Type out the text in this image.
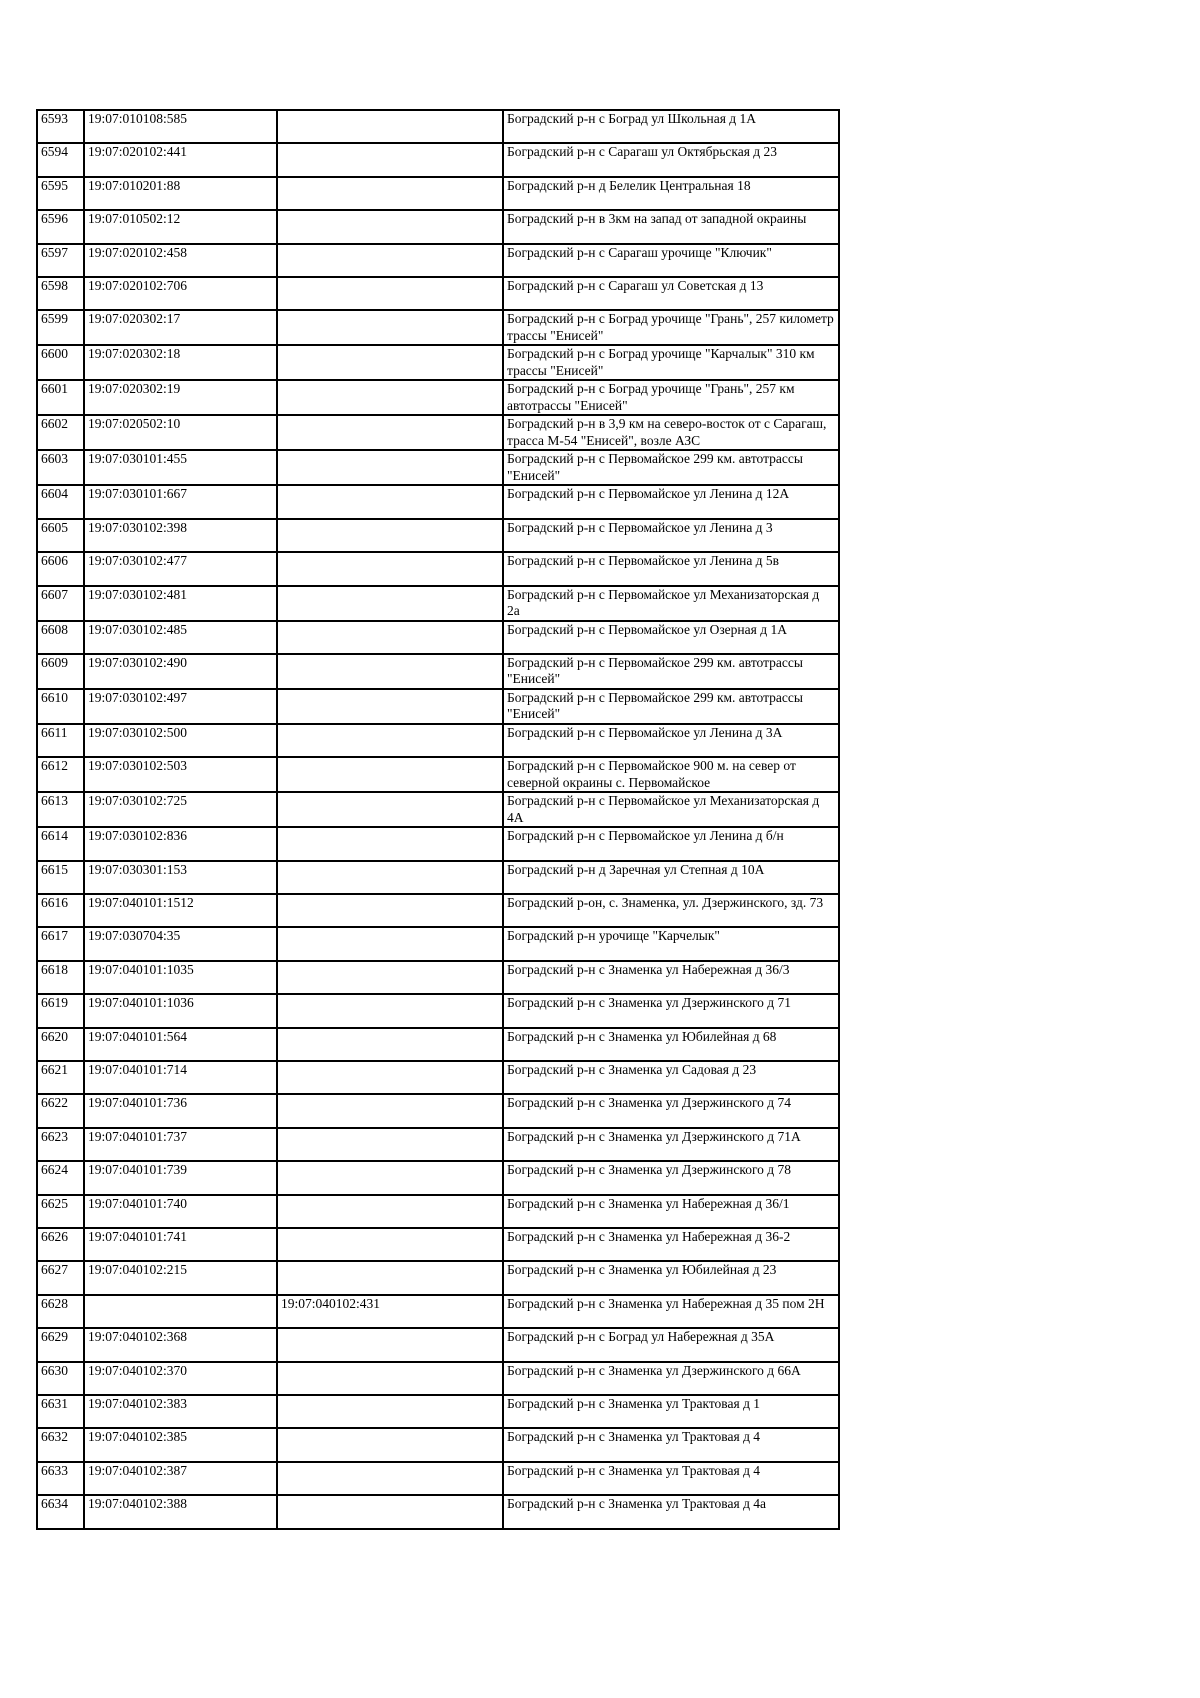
6593	19:07:010108:585		Боградский р-н с Боград ул Школьная д 1А
6594	19:07:020102:441		Боградский р-н с Сарагаш ул Октябрьская д 23
6595	19:07:010201:88		Боградский р-н д Белелик Центральная 18
6596	19:07:010502:12		Боградский р-н в 3км на запад от западной окраины
6597	19:07:020102:458		Боградский р-н с Сарагаш урочище "Ключик"
6598	19:07:020102:706		Боградский р-н с Сарагаш ул Советская д 13
6599	19:07:020302:17		Боградский р-н с Боград урочище "Грань", 257 километр трассы "Енисей"
6600	19:07:020302:18		Боградский р-н с Боград урочище "Карчалык" 310 км трассы "Енисей"
6601	19:07:020302:19		Боградский р-н с Боград урочище "Грань", 257 км автотрассы "Енисей"
6602	19:07:020502:10		Боградский р-н в 3,9 км на северо-восток от с Сарагаш, трасса М-54 "Енисей", возле АЗС
6603	19:07:030101:455		Боградский р-н с Первомайское 299 км. автотрассы "Енисей"
6604	19:07:030101:667		Боградский р-н с Первомайское ул Ленина д 12А
6605	19:07:030102:398		Боградский р-н с Первомайское ул Ленина д 3
6606	19:07:030102:477		Боградский р-н с Первомайское ул Ленина д 5в
6607	19:07:030102:481		Боградский р-н с Первомайское ул Механизаторская д 2а
6608	19:07:030102:485		Боградский р-н с Первомайское ул Озерная д 1А
6609	19:07:030102:490		Боградский р-н с Первомайское 299 км. автотрассы "Енисей"
6610	19:07:030102:497		Боградский р-н с Первомайское 299 км. автотрассы "Енисей"
6611	19:07:030102:500		Боградский р-н с Первомайское ул Ленина д 3А
6612	19:07:030102:503		Боградский р-н с Первомайское 900 м. на север от северной окраины с. Первомайское
6613	19:07:030102:725		Боградский р-н с Первомайское ул Механизаторская д 4А
6614	19:07:030102:836		Боградский р-н с Первомайское ул Ленина д б/н
6615	19:07:030301:153		Боградский р-н д Заречная ул Степная д 10А
6616	19:07:040101:1512		Боградский р-он, с. Знаменка, ул. Дзержинского, зд. 73
6617	19:07:030704:35		Боградский р-н урочище "Карчелык"
6618	19:07:040101:1035		Боградский р-н с Знаменка ул Набережная д 36/3
6619	19:07:040101:1036		Боградский р-н с Знаменка ул Дзержинского д 71
6620	19:07:040101:564		Боградский р-н с Знаменка ул Юбилейная д 68
6621	19:07:040101:714		Боградский р-н с Знаменка ул Садовая д 23
6622	19:07:040101:736		Боградский р-н с Знаменка ул Дзержинского д 74
6623	19:07:040101:737		Боградский р-н с Знаменка ул Дзержинского д 71А
6624	19:07:040101:739		Боградский р-н с Знаменка ул Дзержинского д 78
6625	19:07:040101:740		Боградский р-н с Знаменка ул Набережная д 36/1
6626	19:07:040101:741		Боградский р-н с Знаменка ул Набережная д 36-2
6627	19:07:040102:215		Боградский р-н с Знаменка ул Юбилейная д 23
6628		19:07:040102:431	Боградский р-н с Знаменка ул Набережная д 35 пом 2Н
6629	19:07:040102:368		Боградский р-н с Боград ул Набережная д 35А
6630	19:07:040102:370		Боградский р-н с Знаменка ул Дзержинского д 66А
6631	19:07:040102:383		Боградский р-н с Знаменка ул Трактовая д 1
6632	19:07:040102:385		Боградский р-н с Знаменка ул Трактовая д 4
6633	19:07:040102:387		Боградский р-н с Знаменка ул Трактовая д 4
6634	19:07:040102:388		Боградский р-н с Знаменка ул Трактовая д 4а
